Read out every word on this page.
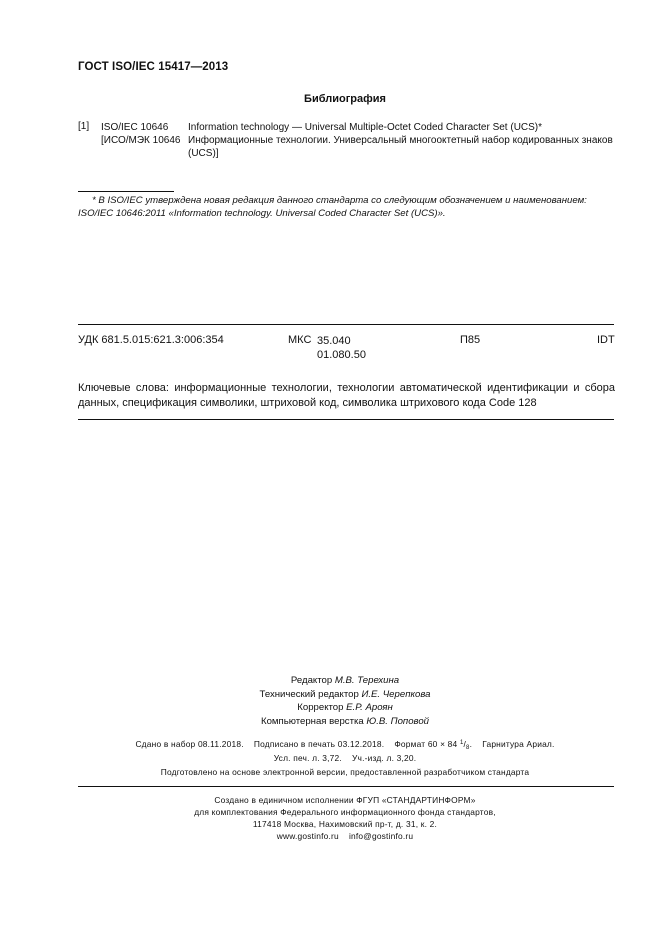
ГОСТ ISO/IEC 15417—2013
Библиография
[1] ISO/IEC 10646
[ИСО/МЭК 10646
Information technology — Universal Multiple-Octet Coded Character Set (UCS)*
Информационные технологии. Универсальный многооктетный набор кодированных знаков (UCS)]
* В ISO/IEC утверждена новая редакция данного стандарта со следующим обозначением и наименованием: ISO/IEC 10646:2011 «Information technology. Universal Coded Character Set (UCS)».
УДК 681.5.015:621.3:006:354	МКС 35.040
01.080.50
П85	IDT
Ключевые слова: информационные технологии, технологии автоматической идентификации и сбора данных, спецификация символики, штриховой код, символика штрихового кода Code 128
Редактор М.В. Терехина
Технический редактор И.Е. Черепкова
Корректор Е.Р. Ароян
Компьютерная верстка Ю.В. Поповой
Сдано в набор 08.11.2018. Подписано в печать 03.12.2018. Формат 60 × 84 $^1/_8$. Гарнитура Ариал.
Усл. печ. л. 3,72. Уч.-изд. л. 3,20.
Подготовлено на основе электронной версии, предоставленной разработчиком стандарта
Создано в единичном исполнении ФГУП «СТАНДАРТИНФОРМ»
для комплектования Федерального информационного фонда стандартов,
117418 Москва, Нахимовский пр-т, д. 31, к. 2.
www.gostinfo.ru info@gostinfo.ru
